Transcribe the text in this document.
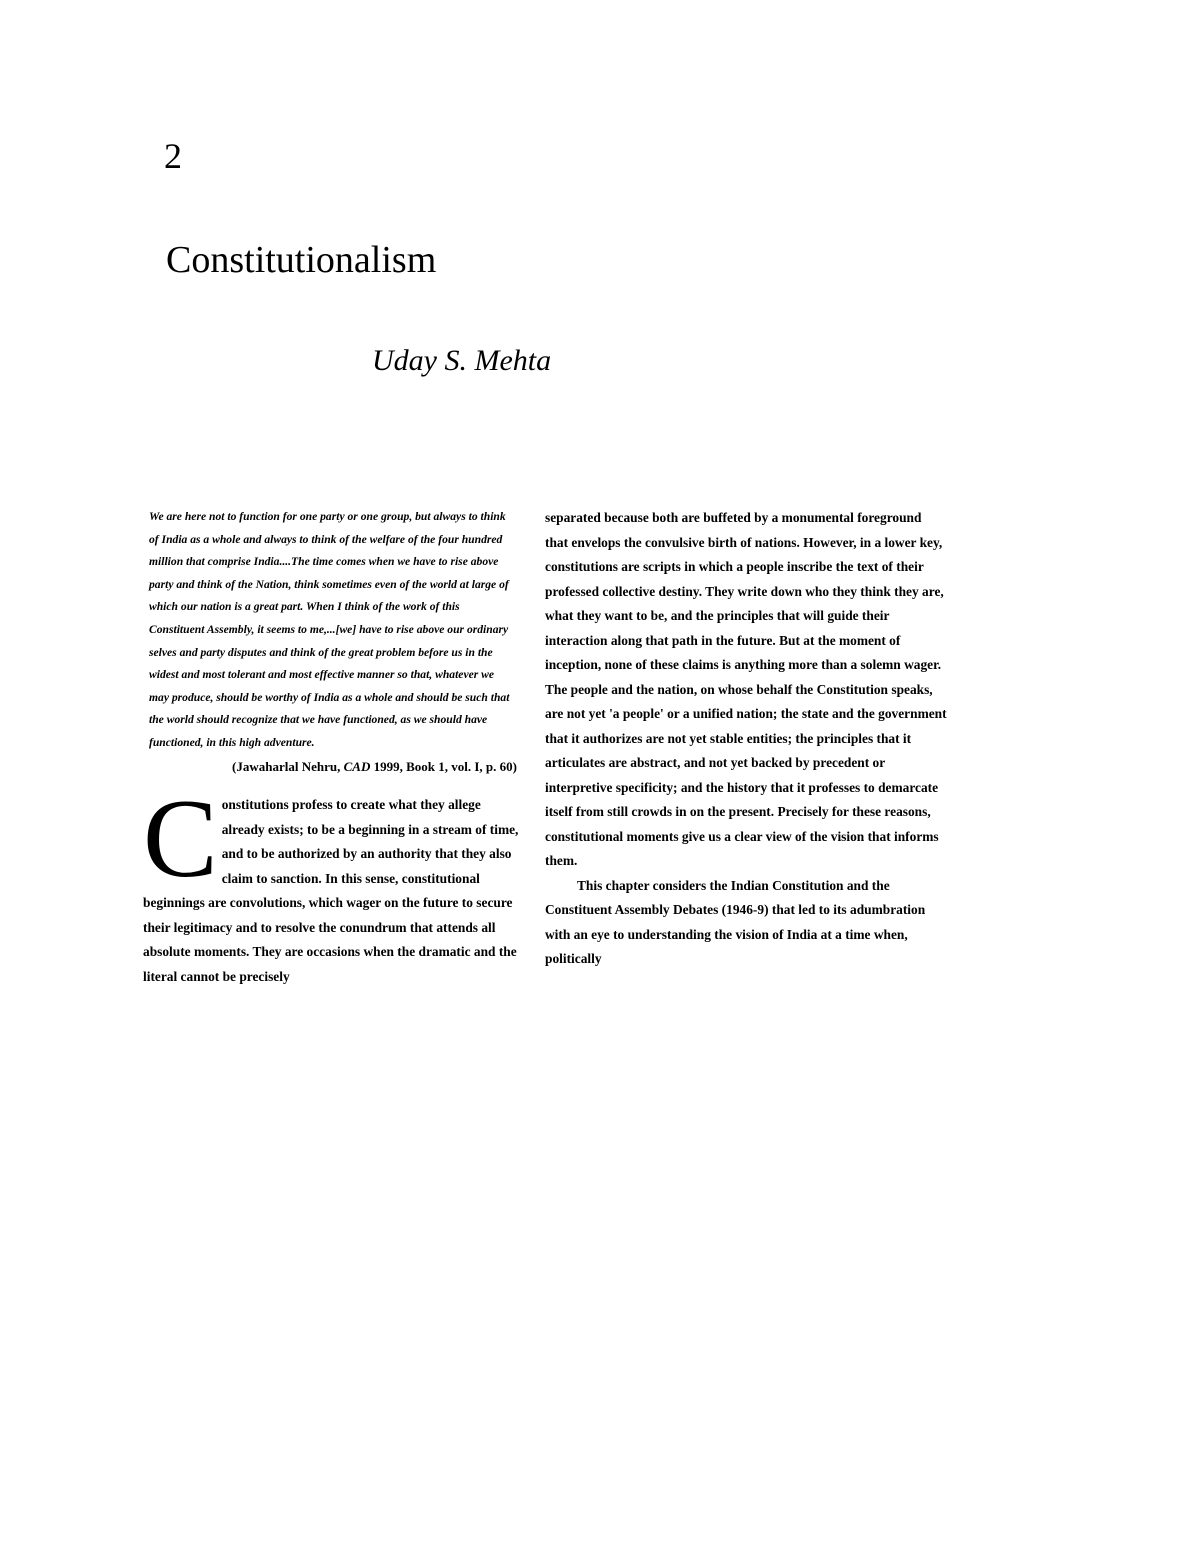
2
Constitutionalism
Uday S. Mehta

We are here not to function for one party or one group, but always to think of India as a whole and always to think of the welfare of the four hundred million that comprise India....The time comes when we have to rise above party and think of the Nation, think sometimes even of the world at large of which our nation is a great part. When I think of the work of this Constituent Assembly, it seems to me,...[we] have to rise above our ordinary selves and party disputes and think of the great problem before us in the widest and most tolerant and most effective manner so that, whatever we may produce, should be worthy of India as a whole and should be such that the world should recognize that we have functioned, as we should have functioned, in this high adventure.

(Jawaharlal Nehru, CAD 1999, Book 1, vol. I, p. 60)

Constitutions profess to create what they allege already exists; to be a beginning in a stream of time, and to be authorized by an authority that they also claim to sanction. In this sense, constitutional beginnings are convolutions, which wager on the future to secure their legitimacy and to resolve the conundrum that attends all absolute moments. They are occasions when the dramatic and the literal cannot be precisely

separated because both are buffeted by a monumental foreground that envelops the convulsive birth of nations. However, in a lower key, constitutions are scripts in which a people inscribe the text of their professed collective destiny. They write down who they think they are, what they want to be, and the principles that will guide their interaction along that path in the future. But at the moment of inception, none of these claims is anything more than a solemn wager. The people and the nation, on whose behalf the Constitution speaks, are not yet 'a people' or a unified nation; the state and the government that it authorizes are not yet stable entities; the principles that it articulates are abstract, and not yet backed by precedent or interpretive specificity; and the history that it professes to demarcate itself from still crowds in on the present. Precisely for these reasons, constitutional moments give us a clear view of the vision that informs them.

This chapter considers the Indian Constitution and the Constituent Assembly Debates (1946-9) that led to its adumbration with an eye to understanding the vision of India at a time when, politically
